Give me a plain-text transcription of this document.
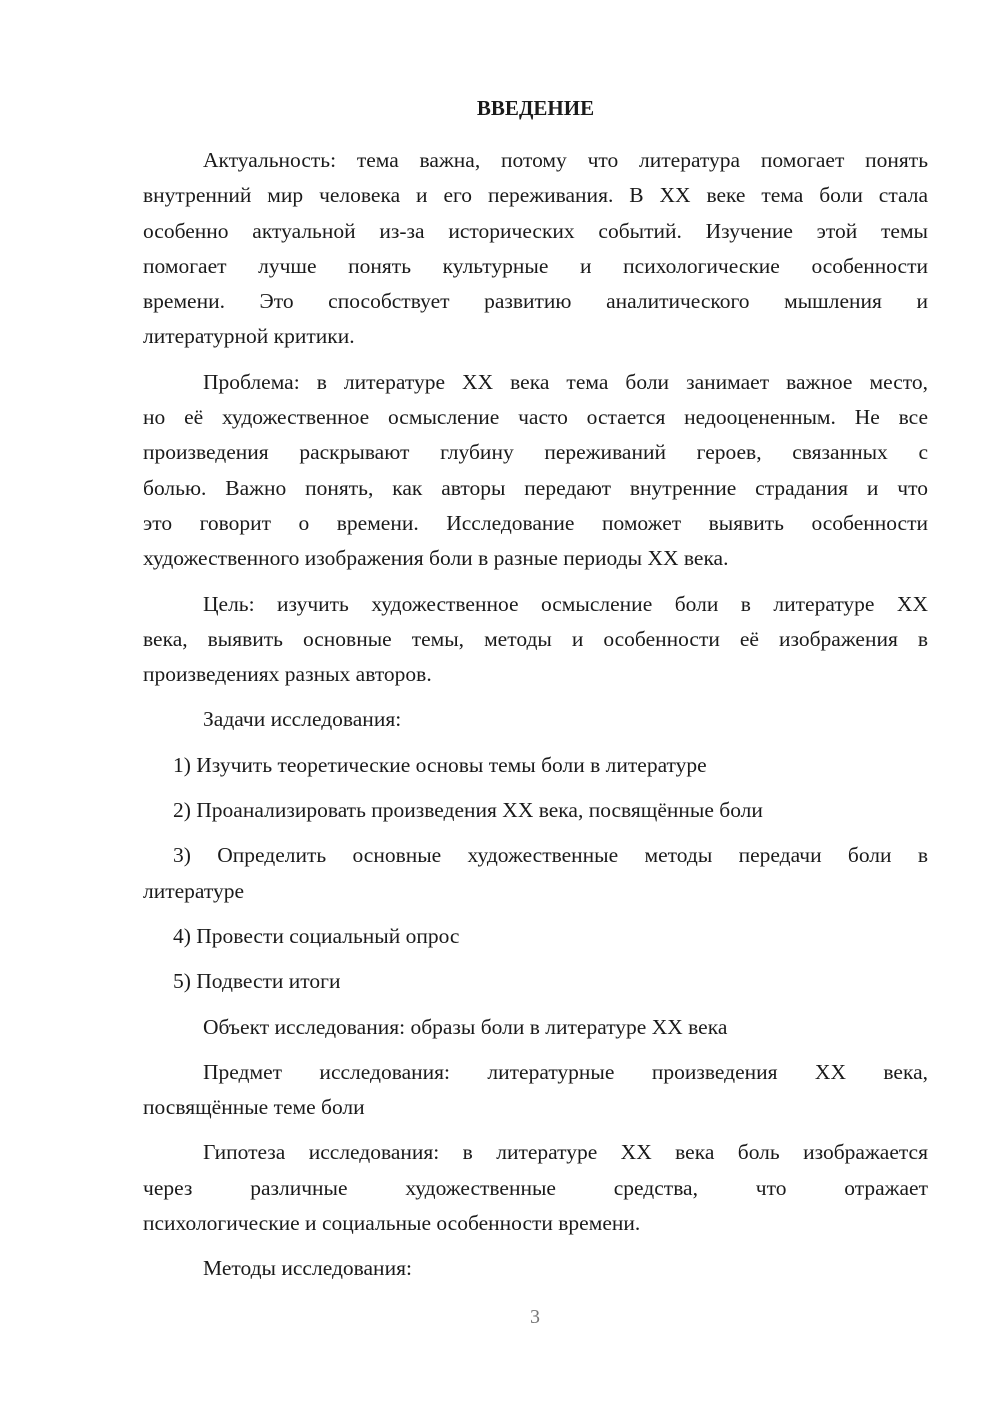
ВВЕДЕНИЕ
Актуальность: тема важна, потому что литература помогает понять
внутренний мир человека и его переживания. В XX веке тема боли стала
особенно актуальной из-за исторических событий. Изучение этой темы
помогает лучше понять культурные и психологические особенности
времени. Это способствует развитию аналитического мышления и
литературной критики.
Проблема: в литературе XX века тема боли занимает важное место,
но её художественное осмысление часто остается недооцененным. Не все
произведения раскрывают глубину переживаний героев, связанных с
болью. Важно понять, как авторы передают внутренние страдания и что
это говорит о времени. Исследование поможет выявить особенности
художественного изображения боли в разные периоды XX века.
Цель: изучить художественное осмысление боли в литературе XX
века, выявить основные темы, методы и особенности её изображения в
произведениях разных авторов.
Задачи исследования:
1) Изучить теоретические основы темы боли в литературе
2) Проанализировать произведения XX века, посвящённые боли
3) Определить основные художественные методы передачи боли в
литературе
4) Провести социальный опрос
5) Подвести итоги
Объект исследования: образы боли в литературе XX века
Предмет исследования: литературные произведения XX века,
посвящённые теме боли
Гипотеза исследования: в литературе XX века боль изображается
через различные художественные средства, что отражает
психологические и социальные особенности времени.
Методы исследования:
3
